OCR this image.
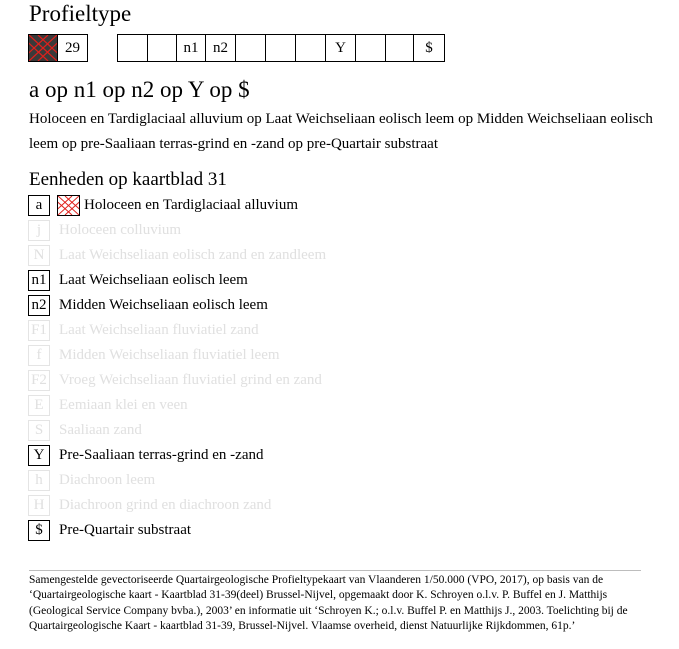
Profieltype
29	n1 n2	Y	$
a op n1 op n2 op Y op $
Holoceen en Tardiglaciaal alluvium op Laat Weichseliaan eolisch leem op Midden Weichseliaan eolisch leem op pre-Saaliaan terras-grind en -zand op pre-Quartair substraat
Eenheden op kaartblad 31
a	Holoceen en Tardiglaciaal alluvium
j	Holoceen colluvium
N Laat Weichseliaan eolisch zand en zandleem
n1 Laat Weichseliaan eolisch leem
n2 Midden Weichseliaan eolisch leem
F1 Laat Weichseliaan fluviatiel zand
f	Midden Weichseliaan fluviatiel leem
F2 Vroeg Weichseliaan fluviatiel grind en zand
E	Eemiaan klei en veen
S	Saaliaan zand
Y Pre-Saaliaan terras-grind en -zand
h	Diachroon leem
H Diachroon grind en diachroon zand
$	Pre-Quartair substraat
Samengestelde gevectoriseerde Quartairgeologische Profieltypekaart van Vlaanderen 1/50.000 (VPO, 2017), op basis van de ‘Quartairgeologische kaart - Kaartblad 31-39(deel) Brussel-Nijvel, opgemaakt door K. Schroyen o.l.v. P. Buffel en J. Matthijs (Geological Service Company bvba.), 2003’ en informatie uit ‘Schroyen K.; o.l.v. Buffel P. en Matthijs J., 2003. Toelichting bij de Quartairgeologische Kaart - kaartblad 31-39, Brussel-Nijvel. Vlaamse overheid, dienst Natuurlijke Rijkdommen, 61p.’
